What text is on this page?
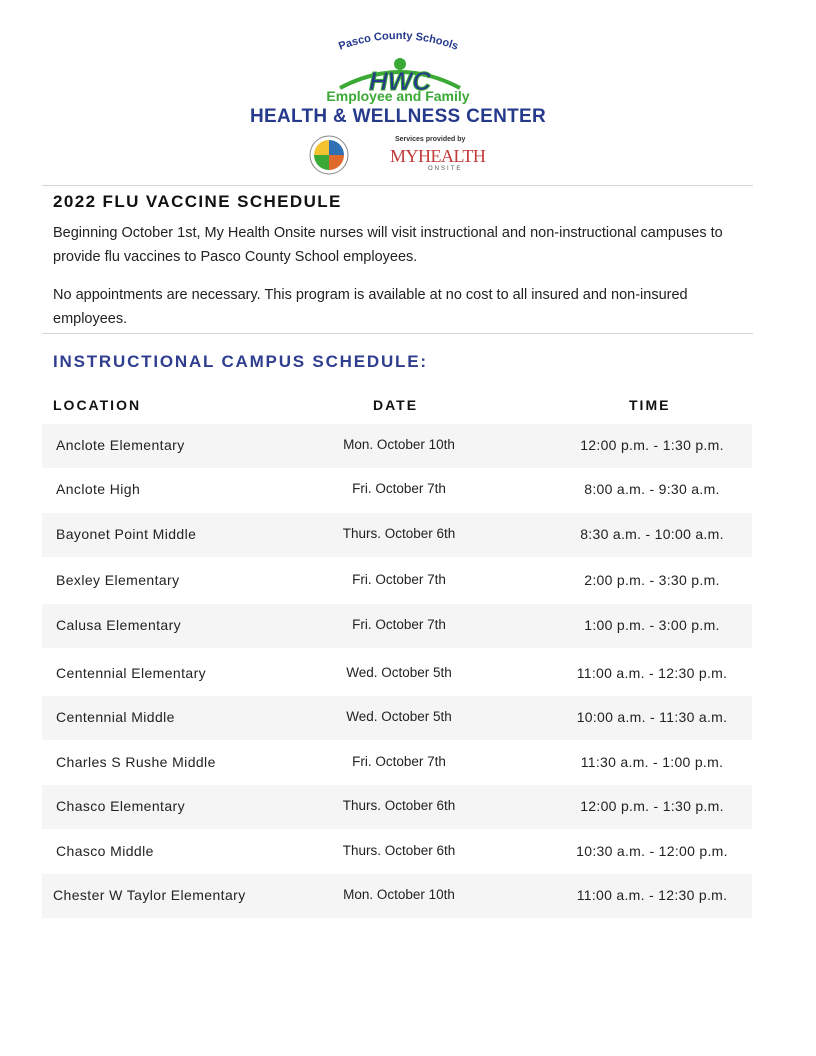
Pasco County Schools
HWC
Employee and Family
HEALTH & WELLNESS CENTER
Services provided by
MYHEALTH
ONSITE
2022 FLU VACCINE SCHEDULE
Beginning October 1st, My Health Onsite nurses will visit instructional and non-instructional campuses to provide flu vaccines to Pasco County School employees.
No appointments are necessary. This program is available at no cost to all insured and non-insured employees.
INSTRUCTIONAL CAMPUS SCHEDULE:
LOCATION	DATE	TIME
Anclote Elementary	Mon. October 10th	12:00 p.m. - 1:30 p.m.
Anclote High	Fri. October 7th	8:00 a.m. - 9:30 a.m.
Bayonet Point Middle	Thurs. October 6th	8:30 a.m. - 10:00 a.m.
Bexley Elementary	Fri. October 7th	2:00 p.m. - 3:30 p.m.
Calusa Elementary	Fri. October 7th	1:00 p.m. - 3:00 p.m.
Centennial Elementary	Wed. October 5th	11:00 a.m. - 12:30 p.m.
Centennial Middle	Wed. October 5th	10:00 a.m. - 11:30 a.m.
Charles S Rushe Middle	Fri. October 7th	11:30 a.m. - 1:00 p.m.
Chasco Elementary	Thurs. October 6th	12:00 p.m. - 1:30 p.m.
Chasco Middle	Thurs. October 6th	10:30 a.m. - 12:00 p.m.
Chester W Taylor Elementary	Mon. October 10th	11:00 a.m. - 12:30 p.m.
